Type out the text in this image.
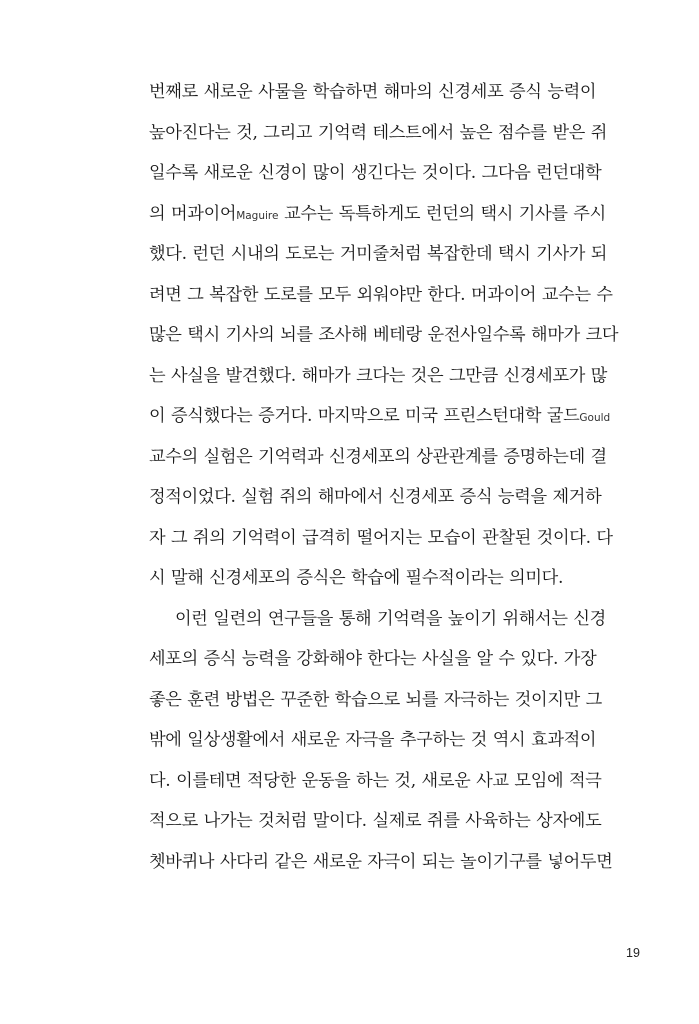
번째로 새로운 사물을 학습하면 해마의 신경세포 증식 능력이
높아진다는 것, 그리고 기억력 테스트에서 높은 점수를 받은 쥐
일수록 새로운 신경이 많이 생긴다는 것이다. 그다음 런던대학
의 머과이어Maguire 교수는 독특하게도 런던의 택시 기사를 주시
했다. 런던 시내의 도로는 거미줄처럼 복잡한데 택시 기사가 되
려면 그 복잡한 도로를 모두 외워야만 한다. 머과이어 교수는 수
많은 택시 기사의 뇌를 조사해 베테랑 운전사일수록 해마가 크다
는 사실을 발견했다. 해마가 크다는 것은 그만큼 신경세포가 많
이 증식했다는 증거다. 마지막으로 미국 프린스턴대학 굴드Gould
교수의 실험은 기억력과 신경세포의 상관관계를 증명하는데 결
정적이었다. 실험 쥐의 해마에서 신경세포 증식 능력을 제거하
자 그 쥐의 기억력이 급격히 떨어지는 모습이 관찰된 것이다. 다
시 말해 신경세포의 증식은 학습에 필수적이라는 의미다.
이런 일련의 연구들을 통해 기억력을 높이기 위해서는 신경
세포의 증식 능력을 강화해야 한다는 사실을 알 수 있다. 가장
좋은 훈련 방법은 꾸준한 학습으로 뇌를 자극하는 것이지만 그
밖에 일상생활에서 새로운 자극을 추구하는 것 역시 효과적이
다. 이를테면 적당한 운동을 하는 것, 새로운 사교 모임에 적극
적으로 나가는 것처럼 말이다. 실제로 쥐를 사육하는 상자에도
쳇바퀴나 사다리 같은 새로운 자극이 되는 놀이기구를 넣어두면
19
